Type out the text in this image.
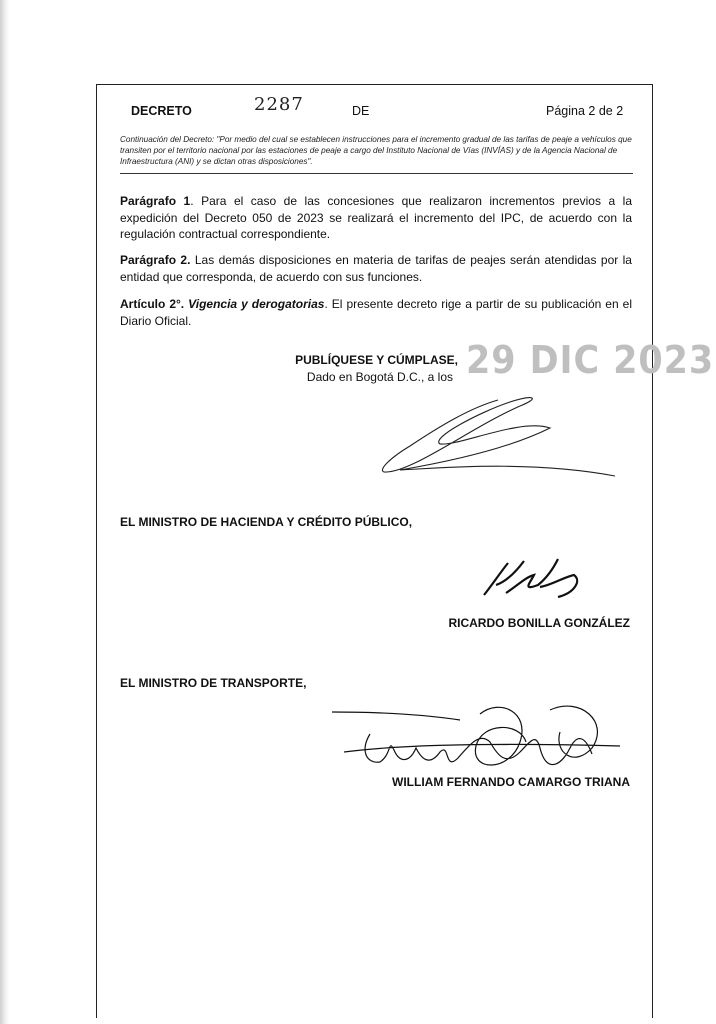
DECRETO	2287	DE	Página 2 de 2
Continuación del Decreto: "Por medio del cual se establecen instrucciones para el incremento gradual de las tarifas de peaje a vehículos que transiten por el territorio nacional por las estaciones de peaje a cargo del Instituto Nacional de Vías (INVÍAS) y de la Agencia Nacional de Infraestructura (ANI) y se dictan otras disposiciones".
Parágrafo 1. Para el caso de las concesiones que realizaron incrementos previos a la expedición del Decreto 050 de 2023 se realizará el incremento del IPC, de acuerdo con la regulación contractual correspondiente.
Parágrafo 2. Las demás disposiciones en materia de tarifas de peajes serán atendidas por la entidad que corresponda, de acuerdo con sus funciones.
Artículo 2°. Vigencia y derogatorias. El presente decreto rige a partir de su publicación en el Diario Oficial.
PUBLÍQUESE Y CÚMPLASE,
Dado en Bogotá D.C., a los 29 DIC 2023
EL MINISTRO DE HACIENDA Y CRÉDITO PÚBLICO,
RICARDO BONILLA GONZÁLEZ
EL MINISTRO DE TRANSPORTE,
WILLIAM FERNANDO CAMARGO TRIANA
